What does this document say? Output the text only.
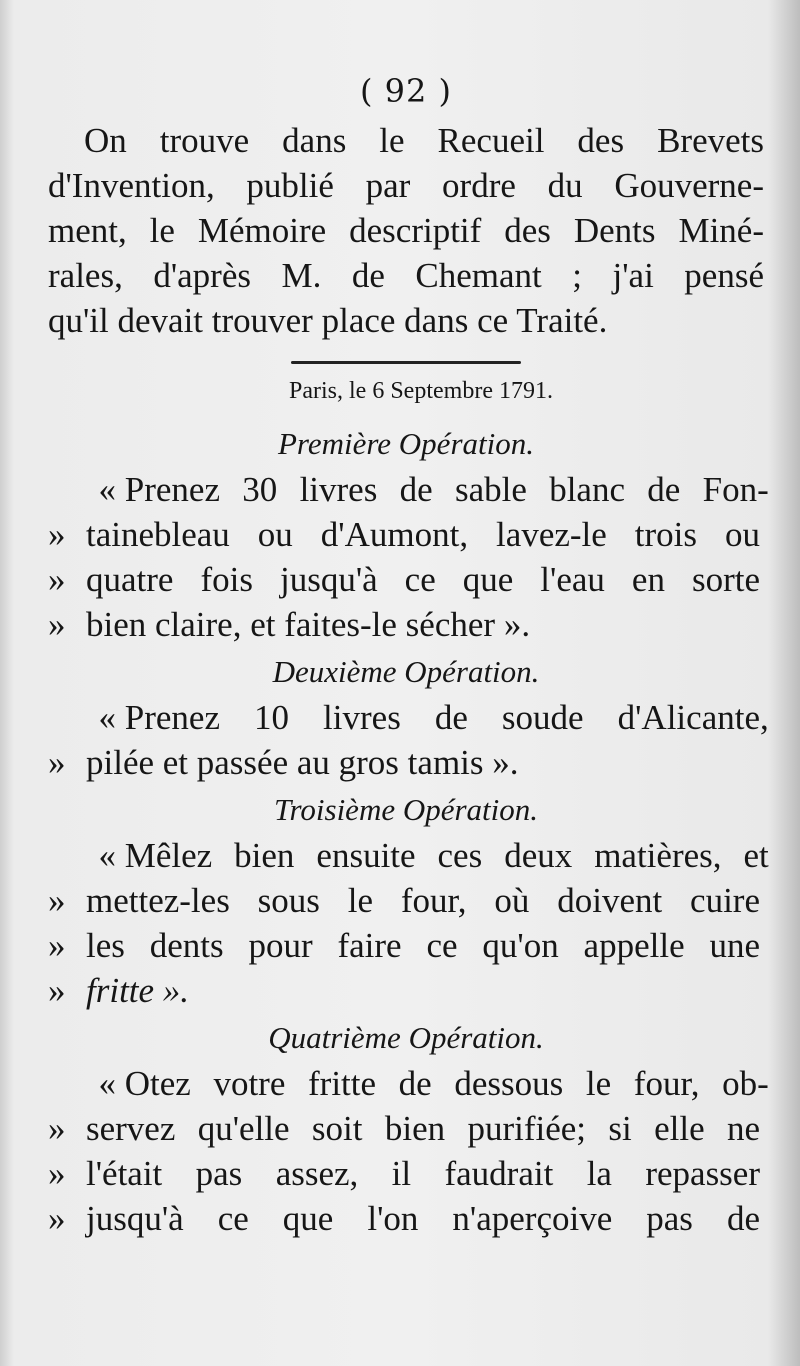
( 92 )
On trouve dans le Recueil des Brevets
d'Invention, publié par ordre du Gouverne-
ment, le Mémoire descriptif des Dents Miné-
rales, d'après M. de Chemant ; j'ai pensé
qu'il devait trouver place dans ce Traité.
Paris, le 6 Septembre 1791.
Première Opération.
« Prenez 30 livres de sable blanc de Fon-
» tainebleau ou d'Aumont, lavez-le trois ou
» quatre fois jusqu'à ce que l'eau en sorte
» bien claire, et faites-le sécher ».
Deuxième Opération.
« Prenez 10 livres de soude d'Alicante,
» pilée et passée au gros tamis ».
Troisième Opération.
« Mêlez bien ensuite ces deux matières, et
» mettez-les sous le four, où doivent cuire
» les dents pour faire ce qu'on appelle une
» fritte ».
Quatrième Opération.
« Otez votre fritte de dessous le four, ob-
» servez qu'elle soit bien purifiée; si elle ne
» l'était pas assez, il faudrait la repasser
» jusqu'à ce que l'on n'aperçoive pas de
